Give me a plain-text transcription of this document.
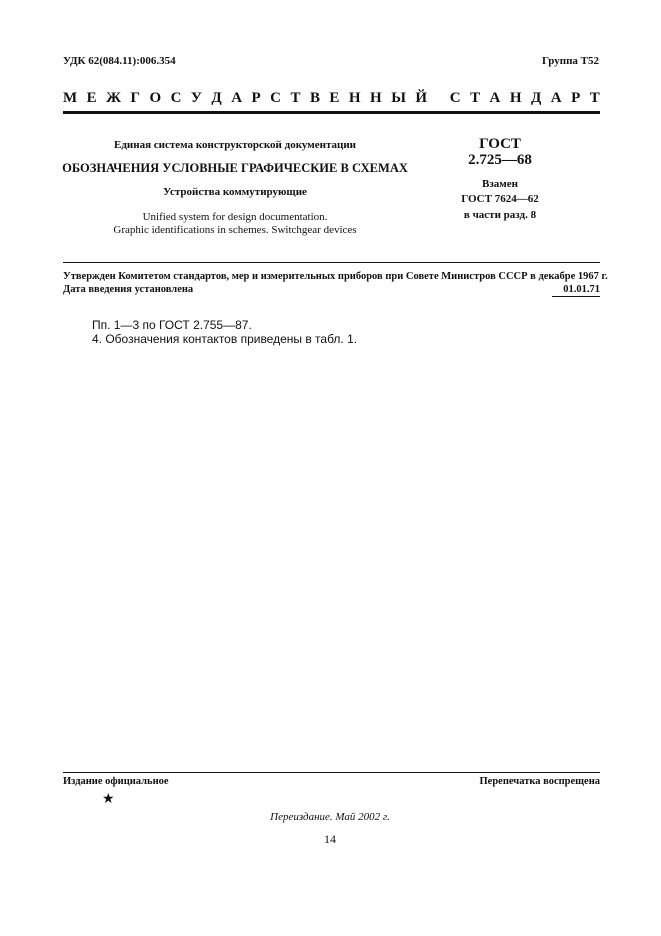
УДК 62(084.11):006.354	Группа Т52
М Е Ж Г О С У Д А Р С Т В Е Н Н Ы Й
С Т А Н Д А Р Т
Единая система конструкторской документации
ОБОЗНАЧЕНИЯ УСЛОВНЫЕ ГРАФИЧЕСКИЕ В СХЕМАХ
Устройства коммутирующие
Unified system for design documentation.
Graphic identifications in schemes. Switchgear devices
ГОСТ
2.725—68
Взамен
ГОСТ 7624—62
в части разд. 8
Утвержден Комитетом стандартов, мер и измерительных приборов при Совете Министров СССР в декабре 1967 г.
Дата введения установлена	01.01.71
Пп. 1—3 по ГОСТ 2.755—87.
4. Обозначения контактов приведены в табл. 1.
Издание официальное	Перепечатка воспрещена
★
Переиздание. Май 2002 г.
14
